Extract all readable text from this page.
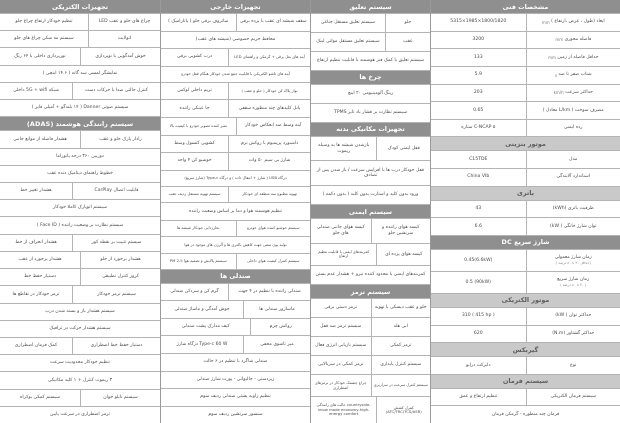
مشخصات فنی
ابعاد (طول ، عرض ،ارتفاع )

mm
5315×1985×1800/1820
فاصله محوری

mm
3200
حداقل فاصله از زمین

mm
133
شتاب صفر تا صد

s
5.9
حداکثر سرعت

km/h
203
مصرف سوخت ( L/km معادل )
0.65
رده ایمنی
C-NCAP ۵ ستاره
موتور بنزینی
مدل
C15TDE
استاندارد آلایندگی
China VIb
باتری
ظرفیت باتری (kWh)
43
توان شارژ خانگی ( kW)
6.6
شارژ سریع DC
زمان شارژ معمولی
(حداقل ۳۰ تا ۸۰ درصد )
0.45(6.6kW)
زمان شارژ سریع
( ۳۰ تا ۸۰ درصد )
0.5 (90kW)
موتور الکتریکی
حداکثر توان ( kW)
310 ( 415 hp )
حداکثر گشتاور (N.m)
620
گیربکس
نوع
دایرکت درایو
سیستم فرمان
سیستم فرمان الکتریکی
تنظیم ارتفاع و عمق
فرمان چند منظوره - گرمکن فرمان
سیستم تعلیق
جلو
سیستم تعلیق مستقل جناغی
عقب
سیستم تعلیق مستقل مولتی لینک
سیستم تعلیق با کمک فنر هوشمند با قابلیت تنظیم ارتفاع
چرخ ها
رینگ آلومینیومی ۲۰ اینچ
سیستم نظارت بر فشار باد تایر TPMS
تجهیزات مکانیکی بدنه
قفل ایمنی کودک
بازشدن شیشه ها به وسیله ریموت
قفل خودکار درب ها با افزایش سرعت / باز شدن پس از تصادف
ورود بدون کلید و استارت بدون کلید ( بدون دکمه )
سیستم ایمنی
کیسه هوای راننده و سرنشین جلو
کیسه هوای جانبی صندلی های جلو
کیسه هوای پرده ای
کمربندهای ایمنی با قابلیت تنظیم ارتفاع
کمربندهای ایمنی با محدود کننده نیرو + هشدار عدم بستن
سیستم ترمز
جلو و عقب دیسکی با تهویه
ترمز دستی برقی
ابی هلد
سیستم ترمز ضد قفل
ترمز کمکی
سیستم بازیابی انرژی فعال
سیستم کنترل پایداری
ترمز کمکی در سربالایی
سیستم کنترل سرعت در سرازیری
چراغ چشمک خودکار در ترمزهای اضطراری
کنترل کشش (ATC/TRC/TCS/ASR)
حالت های رانندگی countryside-snow mode economy-high-energy comfort
تجهیزات خارجی
سقف شیشه ای عقب با پرده برقی
ساتروف برقی جلو ( پانارامیک )
محافظ حریم خصوصی (شیشه های عقب)
آینه های بغل برقی + گرمکن و راهنمای LED
درب کشویی برقی
آینه های تاشو الکتریکی با قابلیت جمع شدن خودکار هنگام قفل خودرو
نوار پلاک کن خودکار ( جلو و عقب )
تریم داخلی لوکس
پانل کلیدهای چند منظوره سقفی
جا عینکی راننده
آینه وسط ضد انعکاس خودکار
تمیز کننده تصویر خودرو با کیفیت بالا
داشبورد پریمیوم با روکش نرم
کشویی کنسول وسط
شارژ بی سیم ۵۰ وات
خوشبو کن ۴ واحد
درگاه USB ( شارژ + انتقال داده ) و درگاه Type-c (شارژ سریع)
تهویه مطبوع سه منطقه ای خودکار
سیستم تهویه مستقل ردیف عقب
تنظیم هوشمند هوا و دما بر اساس وضعیت راننده
سیستم خوشبو کننده هوای خودرو
بخارزدایی خودکار شیشه ها
تولید یون منفی جهت کاهش باکتری ها و آلرژن های موجود در هوا
سیستم کنترل کیفیت هوای داخلی
سیستم پالایش و تصفیه هوا PM 2.5
صندلی ها
صندلی راننده با تنظیم در ۴ جهت
گرم کن و سردکن صندلی
ماساژور صندلی ها
جوش آمدگی و ماساژ صندلی
روکش چرم
کیف مدارک پشت صندلی
میز تاشوی مخفی
درگاه شارژ Type-c 60 W
صندلی شاگرد با تنظیم در ۶ حالت
زیردستی - جالیوانی - پورت شارژ صندلی
تنظیم زاویه پشتی صندلی ردیف سوم
سنسور سرنشین ردیف سوم
تجهیزات الکتریکی
چراغ های جلو و عقب LED
تنظیم خودکار ارتفاع چراغ جلو
اتولایت
سیستم مه شکن چراغ های جلو
خوش آمدگویی با نوپردازی
نورپردازی داخلی با ۶۴ رنگ
نمایشگر لمسی سه گانه ( ۱۴.۶ اینچی )
کنترل حالتی صدا با حرکات دست
شبکه 5G + wifi داخلی
سیستم صوتی Danner ( ۱۴ بلندگو + آمپلی فایر )
سیستم رانندگی هوشمند (ADAS)
رادار پارک جلو و عقب
هشدار فاصله از موانع جانبی
دوربین ۳۶۰ درجه پانوراما
خطوط راهنمای دینامیک دنده عقب
قابلیت اتصال CarPlay
هشدار تغییر خط
سیستم اتوپارک کاملا خودکار
سیستم نظارت بر وضعیت راننده ( Face ID )
سیستم تثبیت بر نقطه کور
هشدار انحراف از خط
هشدار برخورد از جلو
هشدار برخورد از عقب
کروز کنترل تطبیقی
دستیار حفظ خط
سیستم ترمز خودکار
ترمز خودکار در تقاطع ها
سیستم هشدار باز و بسته شدن درب
سیستم هشدار حرکت در ترافیک
دستیار حفظ خط اضطراری
کمک فرمان اضطراری
تنظیم خودکار محدودیت سرعت
۳ ریموت کنترل + ۱ کلید مکانیکی
سیستم تابلو خوان
سیستم کمکی بوکراه
ترمز اضطراری در سرعت پایین
